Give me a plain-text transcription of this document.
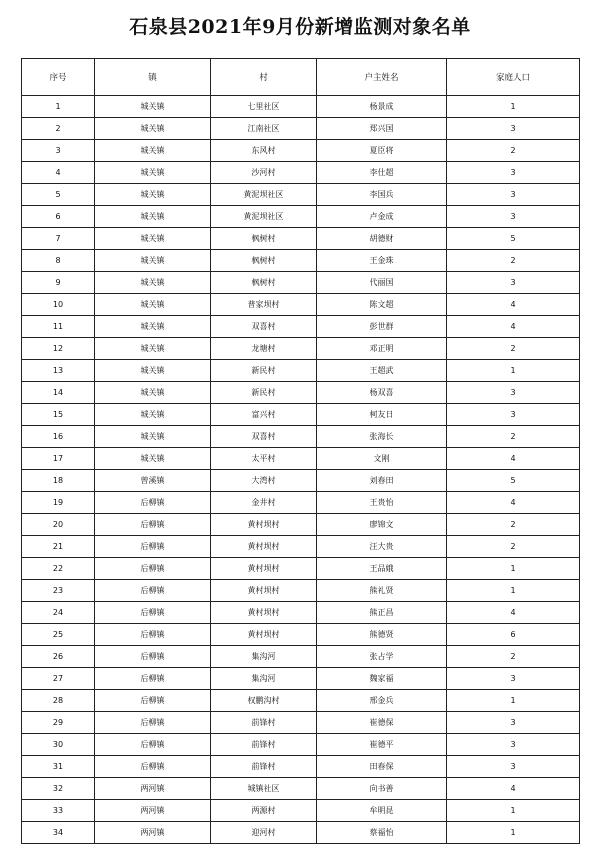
石泉县2021年9月份新增监测对象名单
序号	镇	村	户主姓名	家庭人口
1	城关镇	七里社区	杨景成	1
2	城关镇	江南社区	郑兴国	3
3	城关镇	东风村	夏臣将	2
4	城关镇	沙河村	李仕超	3
5	城关镇	黄泥坝社区	李国兵	3
6	城关镇	黄泥坝社区	卢金成	3
7	城关镇	枫树村	胡德财	5
8	城关镇	枫树村	王金珠	2
9	城关镇	枫树村	代丽国	3
10	城关镇	普家坝村	陈文超	4
11	城关镇	双喜村	彭世群	4
12	城关镇	龙塘村	邓正明	2
13	城关镇	新民村	王超武	1
14	城关镇	新民村	杨双喜	3
15	城关镇	富兴村	柯友日	3
16	城关镇	双喜村	张海长	2
17	城关镇	太平村	文刚	4
18	曾溪镇	大湾村	刘春田	5
19	后柳镇	金井村	王贵怡	4
20	后柳镇	黄村坝村	廖锦文	2
21	后柳镇	黄村坝村	汪大贵	2
22	后柳镇	黄村坝村	王品娥	1
23	后柳镇	黄村坝村	熊礼贤	1
24	后柳镇	黄村坝村	熊正昌	4
25	后柳镇	黄村坝村	熊德贤	6
26	后柳镇	集沟河	张占学	2
27	后柳镇	集沟河	魏家福	3
28	后柳镇	权鹏沟村	邢金兵	1
29	后柳镇	前锋村	崔德保	3
30	后柳镇	前锋村	崔德平	3
31	后柳镇	前锋村	田春保	3
32	两河镇	城镇社区	向书善	4
33	两河镇	两源村	牟明昆	1
34	两河镇	迎河村	蔡福怡	1
